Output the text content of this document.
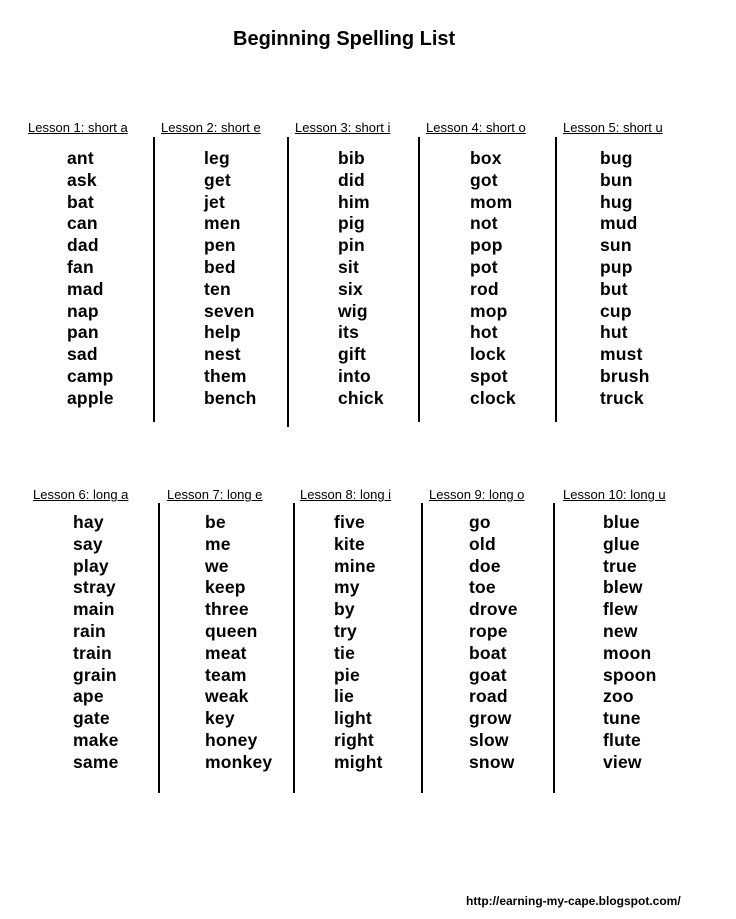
Beginning Spelling List
Lesson 1: short a
ant
ask
bat
can
dad
fan
mad
nap
pan
sad
camp
apple
Lesson 2: short e
leg
get
jet
men
pen
bed
ten
seven
help
nest
them
bench
Lesson 3: short i
bib
did
him
pig
pin
sit
six
wig
its
gift
into
chick
Lesson 4: short o
box
got
mom
not
pop
pot
rod
mop
hot
lock
spot
clock
Lesson 5: short u
bug
bun
hug
mud
sun
pup
but
cup
hut
must
brush
truck
Lesson 6: long a
hay
say
play
stray
main
rain
train
grain
ape
gate
make
same
Lesson 7: long e
be
me
we
keep
three
queen
meat
team
weak
key
honey
monkey
Lesson 8: long i
five
kite
mine
my
by
try
tie
pie
lie
light
right
might
Lesson 9: long o
go
old
doe
toe
drove
rope
boat
goat
road
grow
slow
snow
Lesson 10: long u
blue
glue
true
blew
flew
new
moon
spoon
zoo
tune
flute
view
http://earning-my-cape.blogspot.com/
